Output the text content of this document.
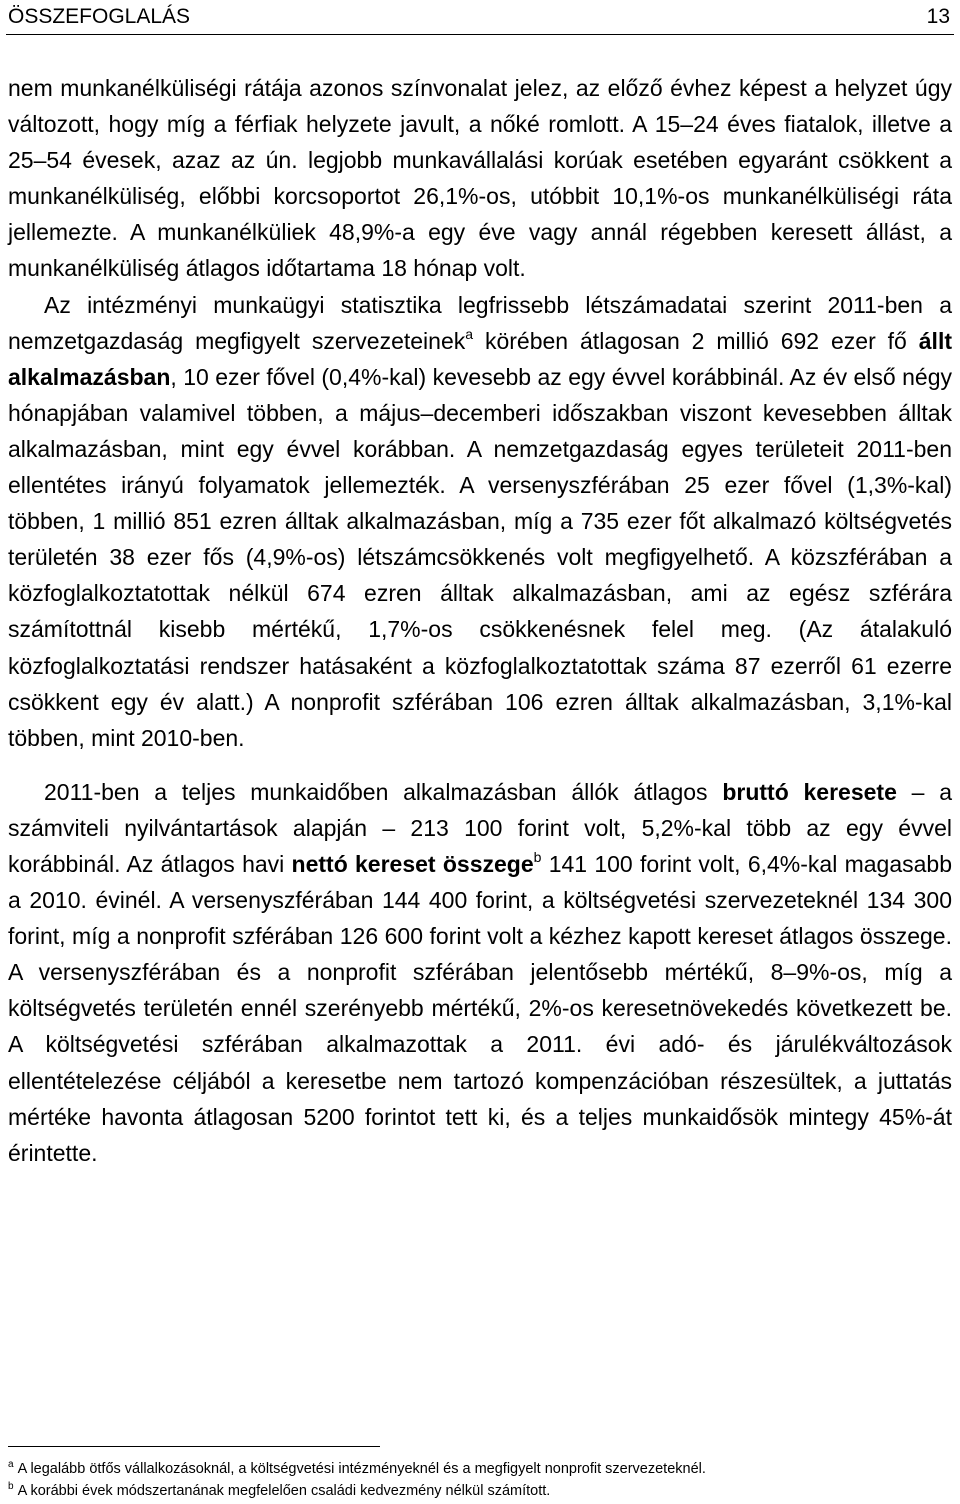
ÖSSZEFOGLALÁS	13

nem munkanélküliségi rátája azonos színvonalat jelez, az előző évhez képest a helyzet úgy változott, hogy míg a férfiak helyzete javult, a nőké romlott. A 15–24 éves fiatalok, illetve a 25–54 évesek, azaz az ún. legjobb munkavállalási korúak esetében egyaránt csökkent a munkanélküliség, előbbi korcsoportot 26,1%-os, utóbbit 10,1%-os munkanélküliségi ráta jellemezte. A munkanélküliek 48,9%-a egy éve vagy annál régebben keresett állást, a munkanélküliség átlagos időtartama 18 hónap volt.

Az intézményi munkaügyi statisztika legfrissebb létszámadatai szerint 2011-ben a nemzetgazdaság megfigyelt szervezeteinek$^a$ körében átlagosan 2 millió 692 ezer fő állt alkalmazásban, 10 ezer fővel (0,4%-kal) kevesebb az egy évvel korábbinál. Az év első négy hónapjában valamivel többen, a május–decemberi időszakban viszont kevesebben álltak alkalmazásban, mint egy évvel korábban. A nemzetgazdaság egyes területeit 2011-ben ellentétes irányú folyamatok jellemezték. A versenyszférában 25 ezer fővel (1,3%-kal) többen, 1 millió 851 ezren álltak alkalmazásban, míg a 735 ezer főt alkalmazó költségvetés területén 38 ezer fős (4,9%-os) létszámcsökkenés volt megfigyelhető. A közszférában a közfoglalkoztatottak nélkül 674 ezren álltak alkalmazásban, ami az egész szférára számítottnál kisebb mértékű, 1,7%-os csökkenésnek felel meg. (Az átalakuló közfoglalkoztatási rendszer hatásaként a közfoglalkoztatottak száma 87 ezerről 61 ezerre csökkent egy év alatt.) A nonprofit szférában 106 ezren álltak alkalmazásban, 3,1%-kal többen, mint 2010-ben.

2011-ben a teljes munkaidőben alkalmazásban állók átlagos bruttó keresete – a számviteli nyilvántartások alapján – 213 100 forint volt, 5,2%-kal több az egy évvel korábbinál. Az átlagos havi nettó kereset összege$^b$ 141 100 forint volt, 6,4%-kal magasabb a 2010. évinél. A versenyszférában 144 400 forint, a költségvetési szervezeteknél 134 300 forint, míg a nonprofit szférában 126 600 forint volt a kézhez kapott kereset átlagos összege. A versenyszférában és a nonprofit szférában jelentősebb mértékű, 8–9%-os, míg a költségvetés területén ennél szerényebb mértékű, 2%-os keresetnövekedés következett be. A költségvetési szférában alkalmazottak a 2011. évi adó- és járulékváltozások ellentételezése céljából a keresetbe nem tartozó kompenzációban részesültek, a juttatás mértéke havonta átlagosan 5200 forintot tett ki, és a teljes munkaidősök mintegy 45%-át érintette.

$^a$ A legalább ötfős vállalkozásoknál, a költségvetési intézményeknél és a megfigyelt nonprofit szervezeteknél.
$^b$ A korábbi évek módszertanának megfelelően családi kedvezmény nélkül számított.
